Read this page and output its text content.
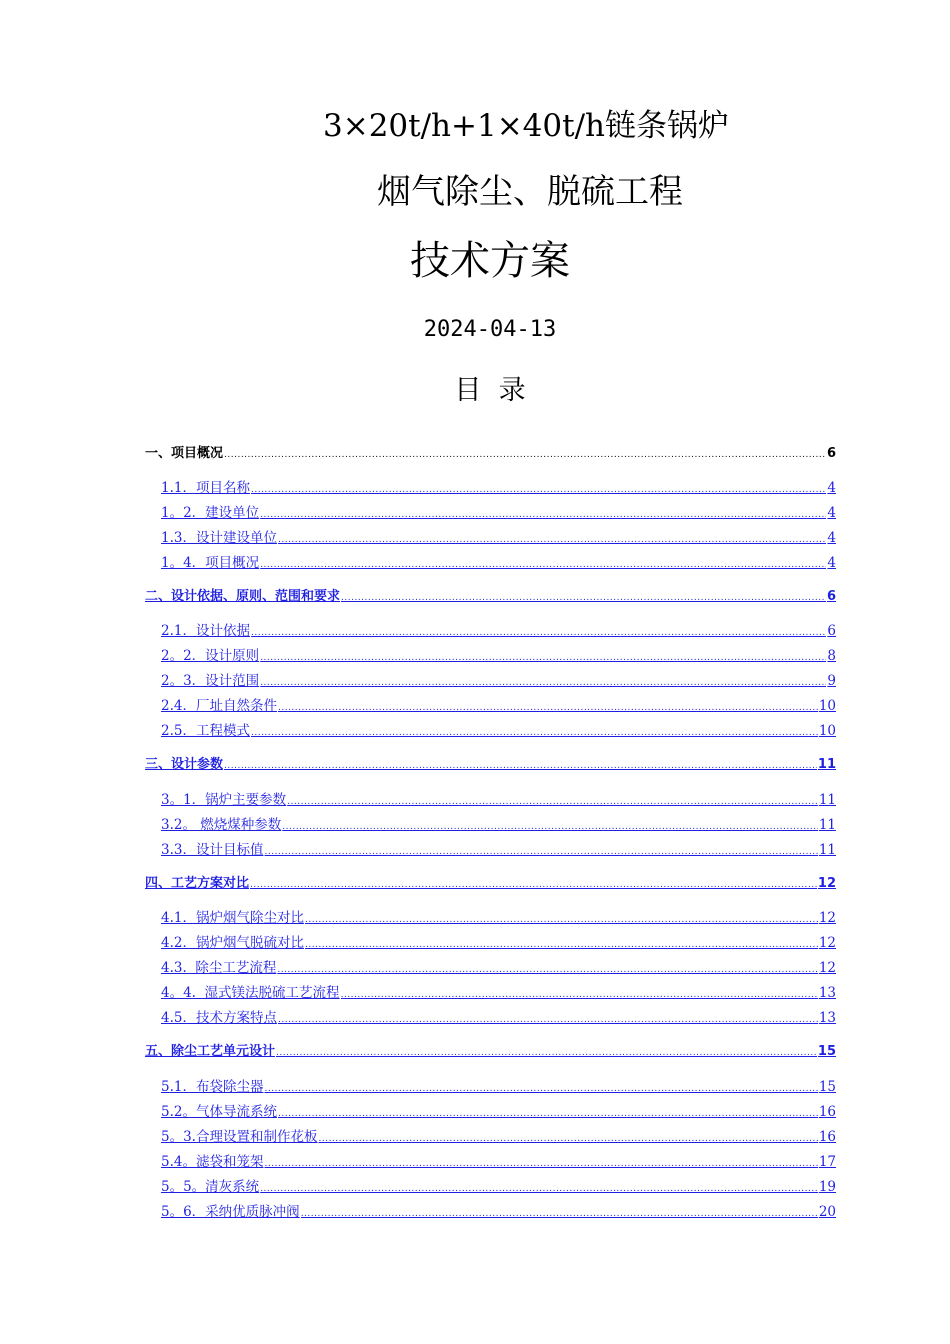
3×20t/h+1×40t/h链条锅炉
烟气除尘、脱硫工程
技术方案
2024-04-13
目  录
一、项目概况 .....	6
1.1．项目名称 .....	4
1。2．建设单位 .....	4
1.3．设计建设单位 .....	4
1。4．项目概况 .....	4
二、设计依据、原则、范围和要求 .....	6
2.1．设计依据 .....	6
2。2．设计原则 .....	8
2。3．设计范围 .....	9
2.4．厂址自然条件 .....	10
2.5．工程模式 .....	10
三、设计参数 .....	11
3。1．锅炉主要参数 .....	11
3.2。 燃烧煤种参数 .....	11
3.3．设计目标值 .....	11
四、工艺方案对比 .....	12
4.1．锅炉烟气除尘对比 .....	12
4.2．锅炉烟气脱硫对比 .....	12
4.3.  除尘工艺流程 .....	12
4。4.  湿式镁法脱硫工艺流程 .....	13
4.5．技术方案特点 .....	13
五、除尘工艺单元设计 .....	15
5.1．布袋除尘器 .....	15
5.2。气体导流系统 .....	16
5。3.合理设置和制作花板 .....	16
5.4。滤袋和笼架 .....	17
5。5。清灰系统 .....	19
5。6．采纳优质脉冲阀 .....	20
